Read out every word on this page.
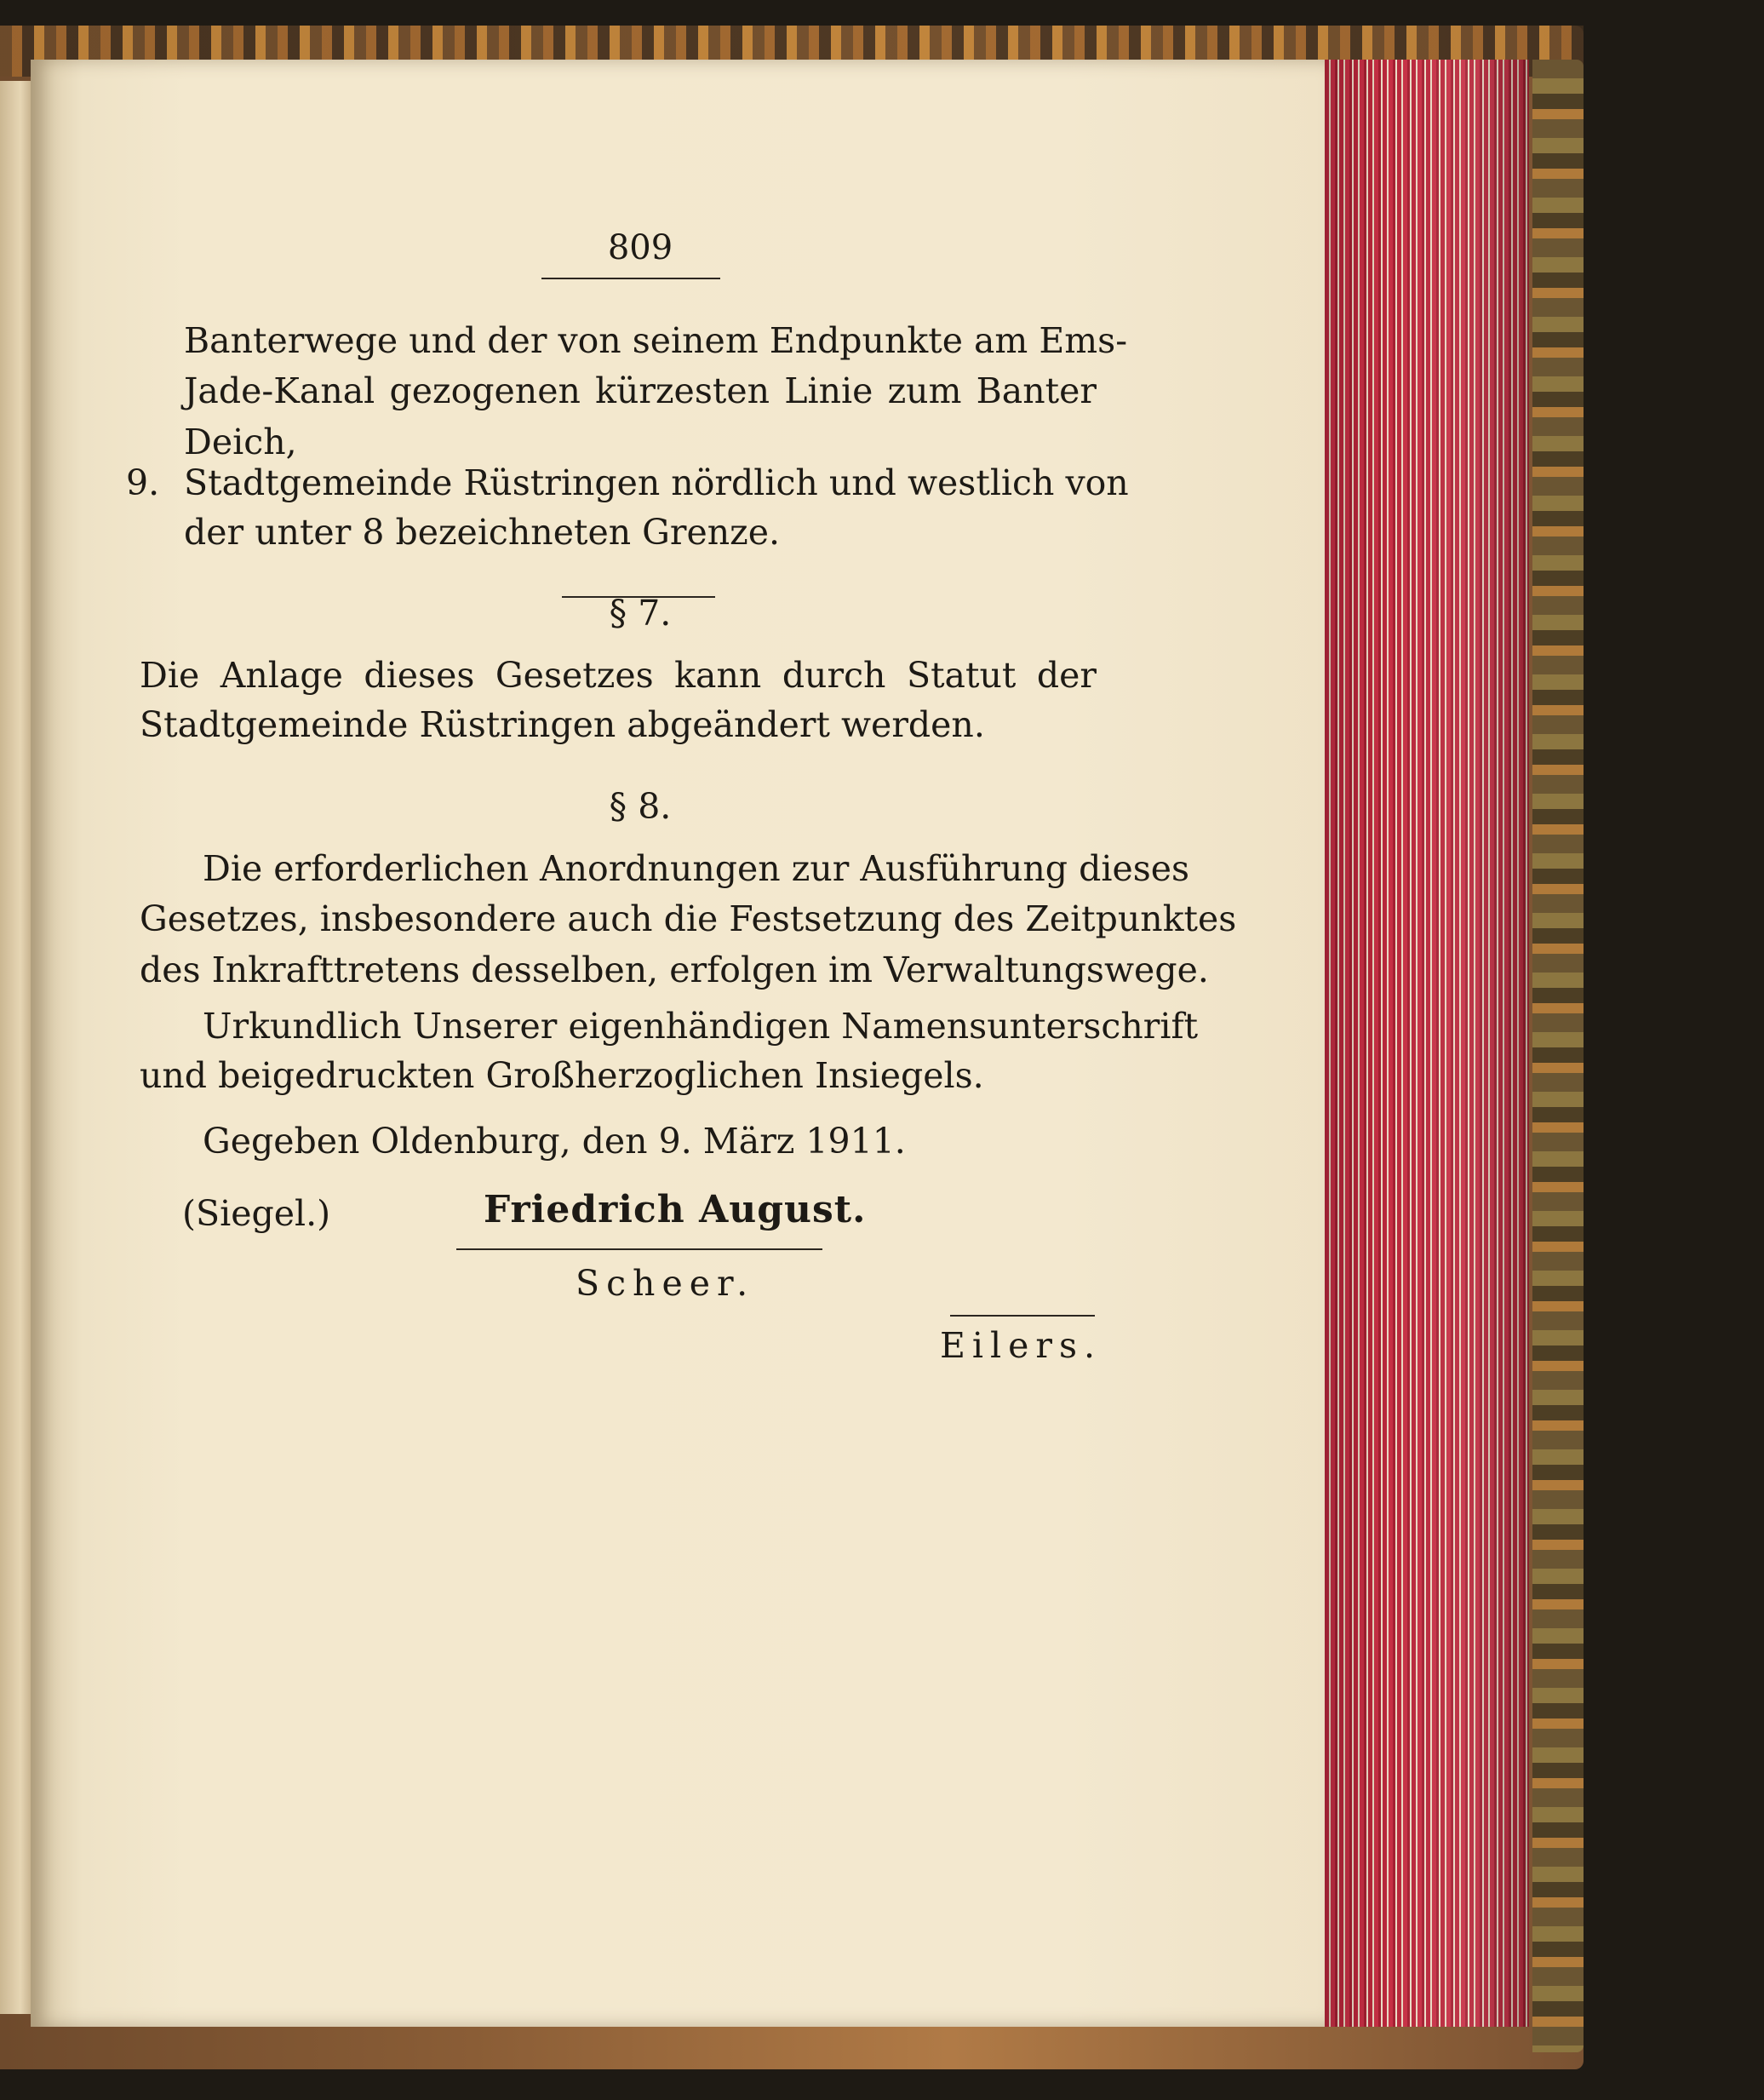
809
Banterwege und der von seinem Endpunkte am Ems-
Jade-Kanal gezogenen kürzesten Linie zum Banter
Deich,
9. Stadtgemeinde Rüstringen nördlich und westlich von
der unter 8 bezeichneten Grenze.
§ 7.
Die Anlage dieses Gesetzes kann durch Statut der
Stadtgemeinde Rüstringen abgeändert werden.
§ 8.
Die erforderlichen Anordnungen zur Ausführung dieses
Gesetzes, insbesondere auch die Festsetzung des Zeitpunktes
des Inkrafttretens desselben, erfolgen im Verwaltungswege.
Urkundlich Unserer eigenhändigen Namensunterschrift
und beigedruckten Großherzoglichen Insiegels.
Gegeben Oldenburg, den 9. März 1911.
(Siegel.)	Friedrich August.
Scheer.
Eilers.
